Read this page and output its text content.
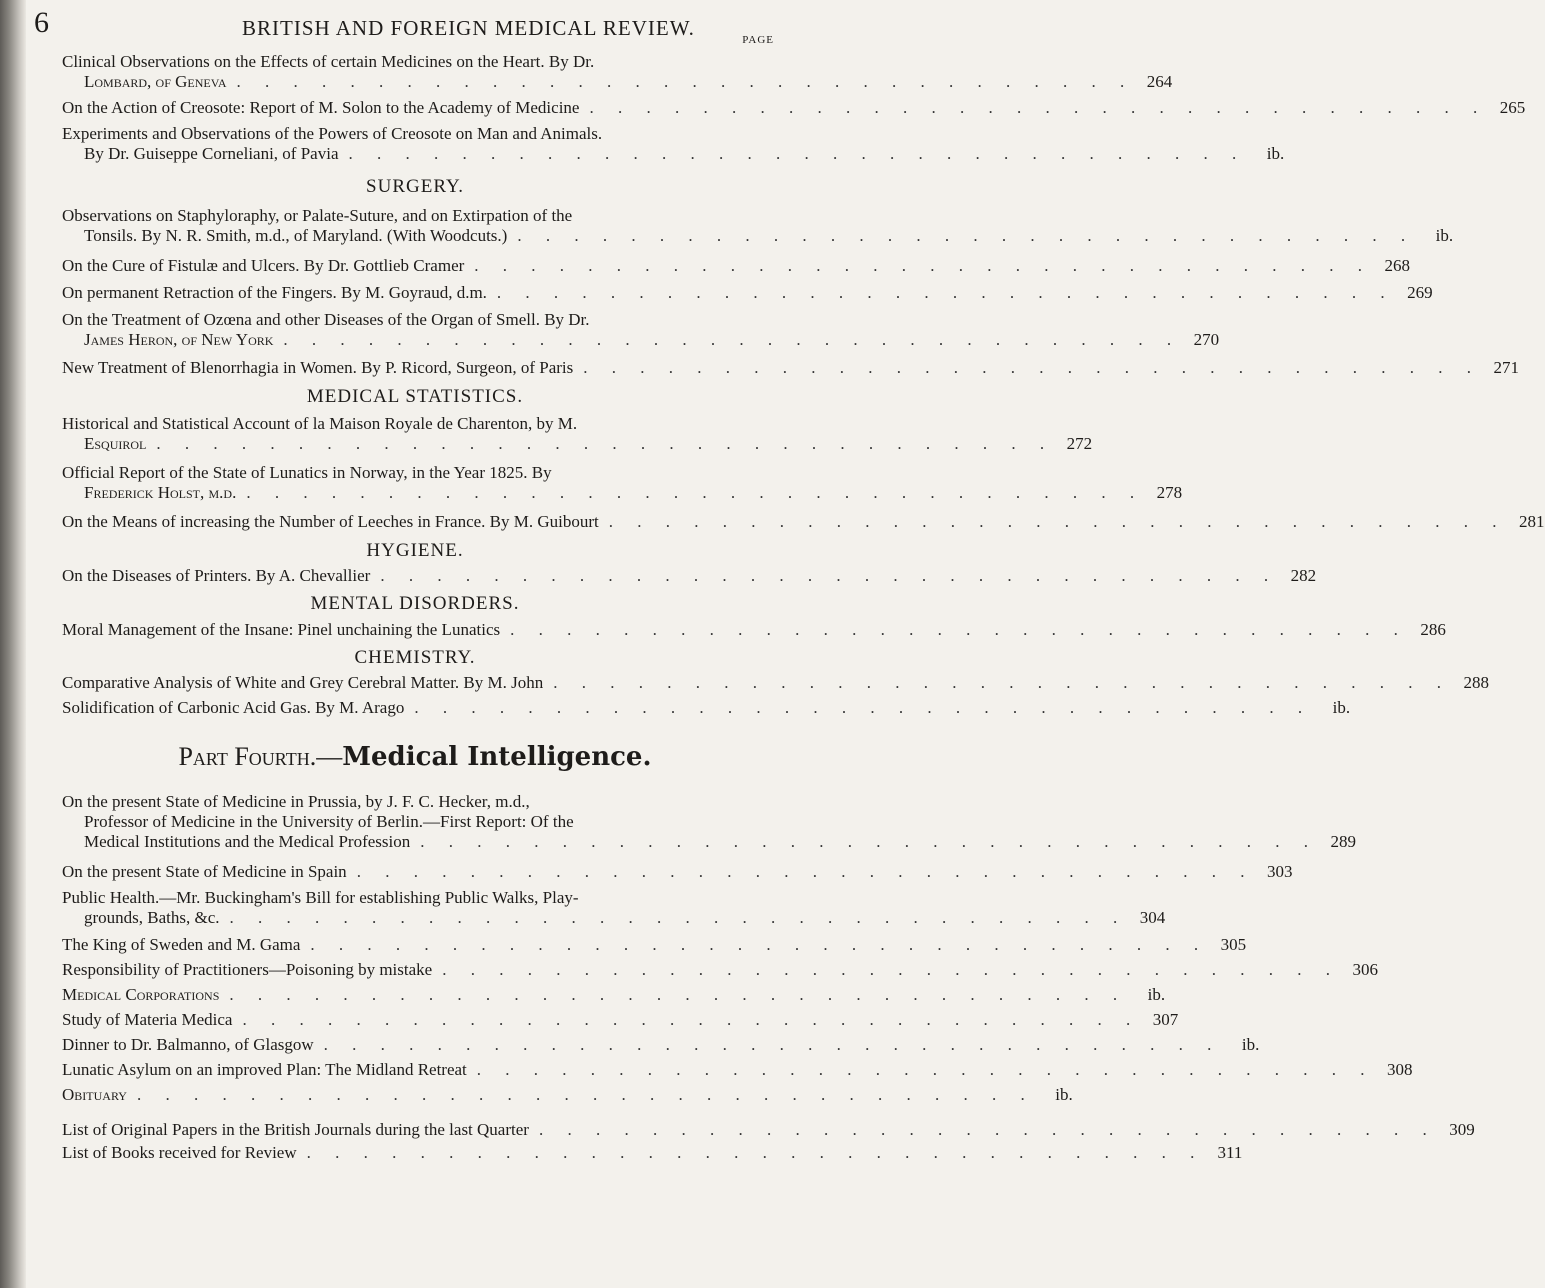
6	BRITISH AND FOREIGN MEDICAL REVIEW.	PAGE
Clinical Observations on the Effects of certain Medicines on the Heart. By Dr.
Lombard, of Geneva . . . . . . . . . . . . . . . . . . . . . . . . . . . . . . . . 264
On the Action of Creosote: Report of M. Solon to the Academy of Medicine . . . . . . . . . . . . . . . . . . . . . . . . . . . . . . . . 265
Experiments and Observations of the Powers of Creosote on Man and Animals.
By Dr. Guiseppe Corneliani, of Pavia . . . . . . . . . . . . . . . . . . . . . . . . . . . . . . . .	ib.
SURGERY.
Observations on Staphyloraphy, or Palate-Suture, and on Extirpation of the
Tonsils. By N. R. Smith, m.d., of Maryland. (With Woodcuts.) . . . . . . . . . . . . . . . . . . . . . . . . . . . . . . . .	ib.
On the Cure of Fistulæ and Ulcers. By Dr. Gottlieb Cramer . . . . . . . . . . . . . . . . . . . . . . . . . . . . . . . . 268
On permanent Retraction of the Fingers. By M. Goyraud, d.m. . . . . . . . . . . . . . . . . . . . . . . . . . . . . . . . . 269
On the Treatment of Ozœna and other Diseases of the Organ of Smell. By Dr.
James Heron, of New York . . . . . . . . . . . . . . . . . . . . . . . . . . . . . . . . 270
New Treatment of Blenorrhagia in Women. By P. Ricord, Surgeon, of Paris . . . . . . . . . . . . . . . . . . . . . . . . . . . . . . . . 271
MEDICAL STATISTICS.
Historical and Statistical Account of la Maison Royale de Charenton, by M.
Esquirol . . . . . . . . . . . . . . . . . . . . . . . . . . . . . . . . 272
Official Report of the State of Lunatics in Norway, in the Year 1825. By
Frederick Holst, m.d. . . . . . . . . . . . . . . . . . . . . . . . . . . . . . . . . 278
On the Means of increasing the Number of Leeches in France. By M. Guibourt . . . . . . . . . . . . . . . . . . . . . . . . . . . . . . . . 281
HYGIENE.
On the Diseases of Printers. By A. Chevallier . . . . . . . . . . . . . . . . . . . . . . . . . . . . . . . . 282
MENTAL DISORDERS.
Moral Management of the Insane: Pinel unchaining the Lunatics . . . . . . . . . . . . . . . . . . . . . . . . . . . . . . . . 286
CHEMISTRY.
Comparative Analysis of White and Grey Cerebral Matter. By M. John . . . . . . . . . . . . . . . . . . . . . . . . . . . . . . . . 288
Solidification of Carbonic Acid Gas. By M. Arago . . . . . . . . . . . . . . . . . . . . . . . . . . . . . . . .	ib.
Part Fourth.—Medical Intelligence.
On the present State of Medicine in Prussia, by J. F. C. Hecker, m.d.,
Professor of Medicine in the University of Berlin.—First Report: Of the
Medical Institutions and the Medical Profession . . . . . . . . . . . . . . . . . . . . . . . . . . . . . . . . 289
On the present State of Medicine in Spain . . . . . . . . . . . . . . . . . . . . . . . . . . . . . . . . 303
Public Health.—Mr. Buckingham's Bill for establishing Public Walks, Play-
grounds, Baths, &c. . . . . . . . . . . . . . . . . . . . . . . . . . . . . . . . . 304
The King of Sweden and M. Gama . . . . . . . . . . . . . . . . . . . . . . . . . . . . . . . . 305
Responsibility of Practitioners—Poisoning by mistake . . . . . . . . . . . . . . . . . . . . . . . . . . . . . . . . 306
Medical Corporations . . . . . . . . . . . . . . . . . . . . . . . . . . . . . . . .	ib.
Study of Materia Medica . . . . . . . . . . . . . . . . . . . . . . . . . . . . . . . . 307
Dinner to Dr. Balmanno, of Glasgow . . . . . . . . . . . . . . . . . . . . . . . . . . . . . . . .	ib.
Lunatic Asylum on an improved Plan: The Midland Retreat . . . . . . . . . . . . . . . . . . . . . . . . . . . . . . . . 308
Obituary . . . . . . . . . . . . . . . . . . . . . . . . . . . . . . . .	ib.
List of Original Papers in the British Journals during the last Quarter . . . . . . . . . . . . . . . . . . . . . . . . . . . . . . . . 309
List of Books received for Review . . . . . . . . . . . . . . . . . . . . . . . . . . . . . . . . 311
